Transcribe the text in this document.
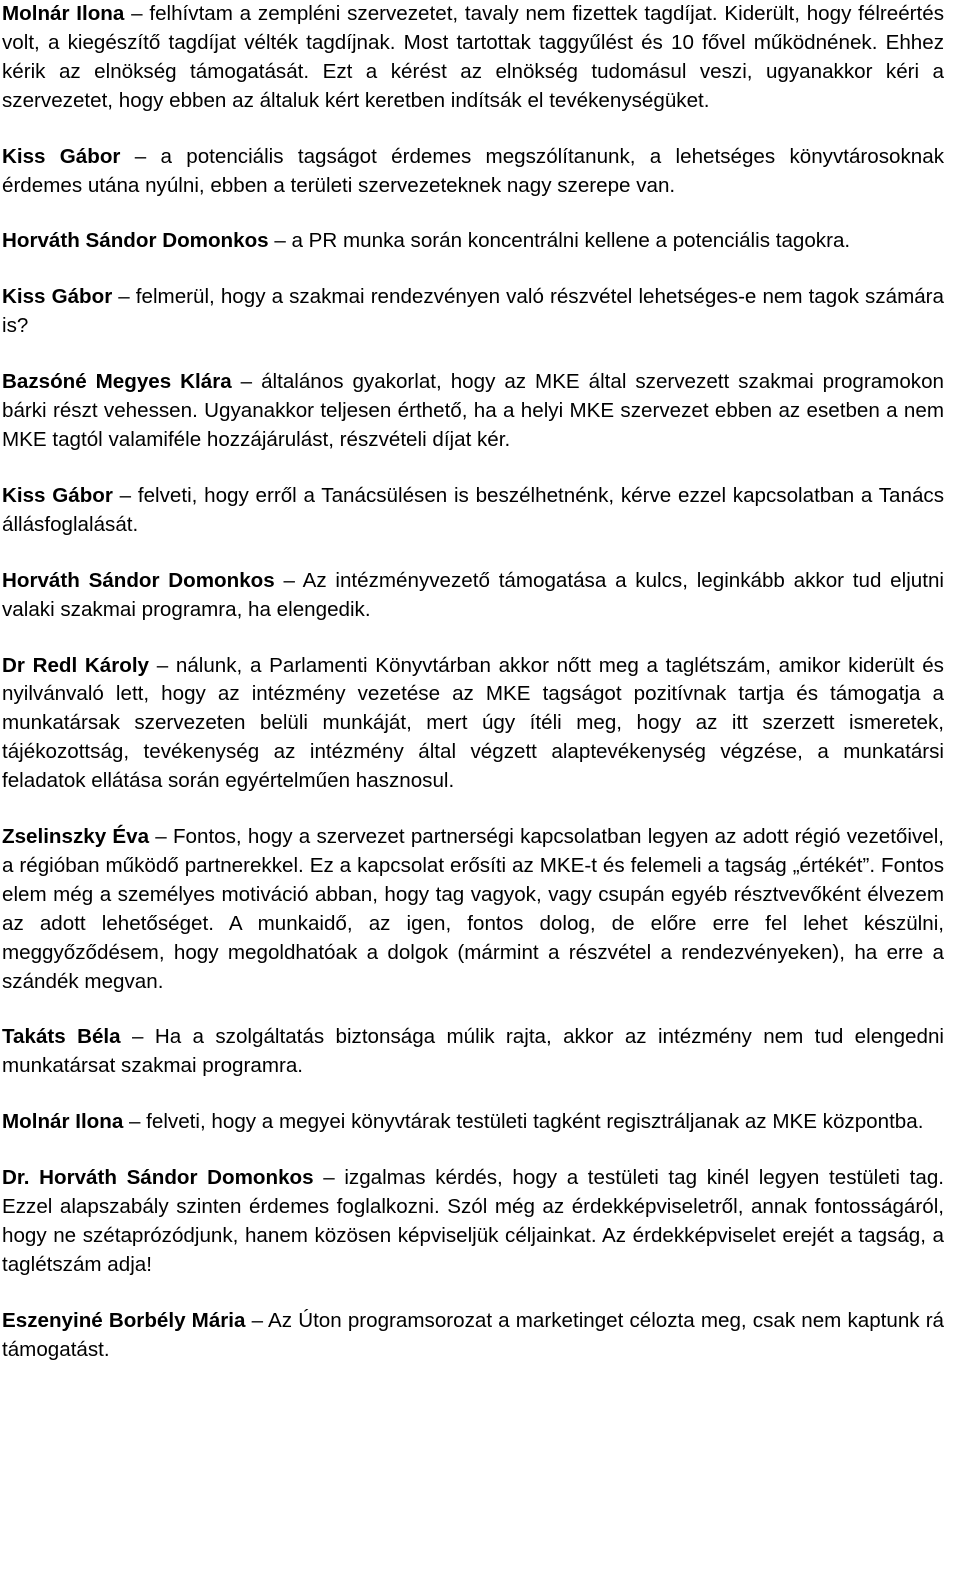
Molnár Ilona – felhívtam a zempléni szervezetet, tavaly nem fizettek tagdíjat. Kiderült, hogy félreértés volt, a kiegészítő tagdíjat vélték tagdíjnak. Most tartottak taggyűlést és 10 fővel működnének. Ehhez kérik az elnökség támogatását. Ezt a kérést az elnökség tudomásul veszi, ugyanakkor kéri a szervezetet, hogy ebben az általuk kért keretben indítsák el tevékenységüket.

Kiss Gábor – a potenciális tagságot érdemes megszólítanunk, a lehetséges könyvtárosoknak érdemes utána nyúlni, ebben a területi szervezeteknek nagy szerepe van.

Horváth Sándor Domonkos – a PR munka során koncentrálni kellene a potenciális tagokra.

Kiss Gábor – felmerül, hogy a szakmai rendezvényen való részvétel lehetséges-e nem tagok számára is?

Bazsóné Megyes Klára – általános gyakorlat, hogy az MKE által szervezett szakmai programokon bárki részt vehessen. Ugyanakkor teljesen érthető, ha a helyi MKE szervezet ebben az esetben a nem MKE tagtól valamiféle hozzájárulást, részvételi díjat kér.

Kiss Gábor – felveti, hogy erről a Tanácsülésen is beszélhetnénk, kérve ezzel kapcsolatban a Tanács állásfoglalását.

Horváth Sándor Domonkos – Az intézményvezető támogatása a kulcs, leginkább akkor tud eljutni valaki szakmai programra, ha elengedik.

Dr Redl Károly – nálunk, a Parlamenti Könyvtárban akkor nőtt meg a taglétszám, amikor kiderült és nyilvánvaló lett, hogy az intézmény vezetése az MKE tagságot pozitívnak tartja és támogatja a munkatársak szervezeten belüli munkáját, mert úgy ítéli meg, hogy az itt szerzett ismeretek, tájékozottság, tevékenység az intézmény által végzett alaptevékenység végzése, a munkatársi feladatok ellátása során egyértelműen hasznosul.

Zselinszky Éva – Fontos, hogy a szervezet partnerségi kapcsolatban legyen az adott régió vezetőivel, a régióban működő partnerekkel. Ez a kapcsolat erősíti az MKE-t és felemeli a tagság „értékét”. Fontos elem még a személyes motiváció abban, hogy tag vagyok, vagy csupán egyéb résztvevőként élvezem az adott lehetőséget. A munkaidő, az igen, fontos dolog, de előre erre fel lehet készülni, meggyőződésem, hogy megoldhatóak a dolgok (mármint a részvétel a rendezvényeken), ha erre a szándék megvan.

Takáts Béla – Ha a szolgáltatás biztonsága múlik rajta, akkor az intézmény nem tud elengedni munkatársat szakmai programra.

Molnár Ilona – felveti, hogy a megyei könyvtárak testületi tagként regisztráljanak az MKE központba.

Dr. Horváth Sándor Domonkos – izgalmas kérdés, hogy a testületi tag kinél legyen testületi tag. Ezzel alapszabály szinten érdemes foglalkozni. Szól még az érdekképviseletről, annak fontosságáról, hogy ne szétaprózódjunk, hanem közösen képviseljük céljainkat. Az érdekképviselet erejét a tagság, a taglétszám adja!

Eszenyiné Borbély Mária – Az Úton programsorozat a marketinget célozta meg, csak nem kaptunk rá támogatást.
